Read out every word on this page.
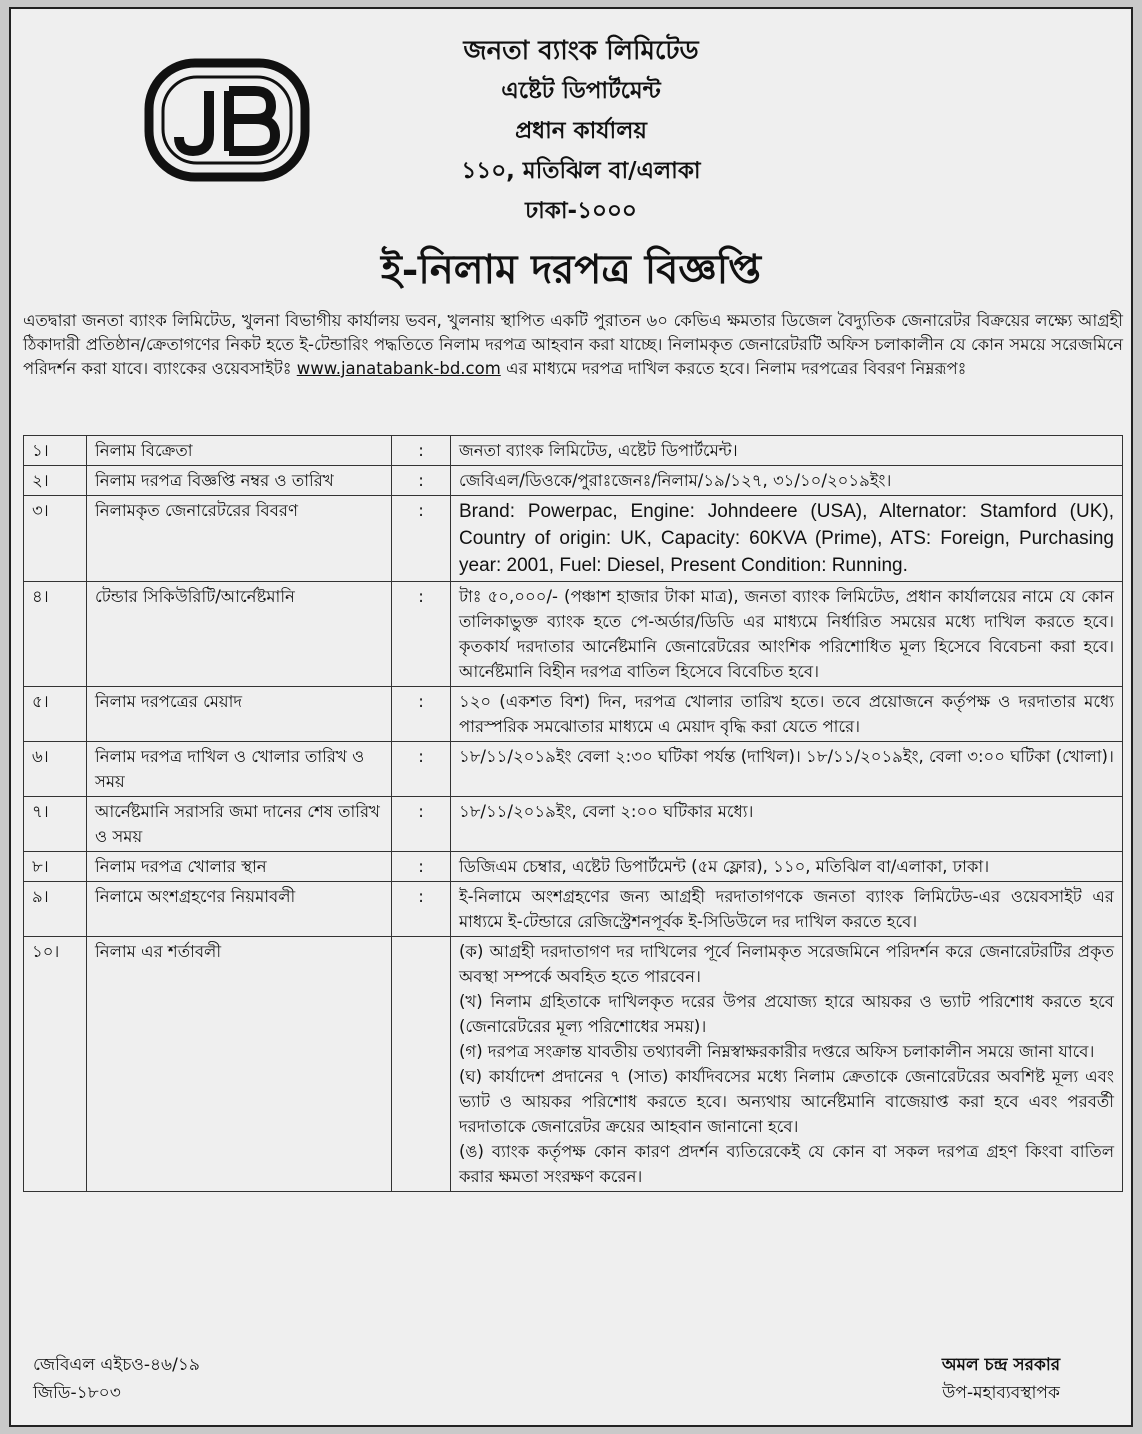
জনতা ব্যাংক লিমিটেড
এষ্টেট ডিপার্টমেন্ট
প্রধান কার্যালয়
১১০, মতিঝিল বা/এলাকা
ঢাকা-১০০০
ই-নিলাম দরপত্র বিজ্ঞপ্তি
এতদ্বারা জনতা ব্যাংক লিমিটেড, খুলনা বিভাগীয় কার্যালয় ভবন, খুলনায় স্থাপিত একটি পুরাতন ৬০ কেভিএ ক্ষমতার ডিজেল বৈদ্যুতিক জেনারেটর বিক্রয়ের লক্ষ্যে আগ্রহী ঠিকাদারী প্রতিষ্ঠান/ক্রেতাগণের নিকট হতে ই-টেন্ডারিং পদ্ধতিতে নিলাম দরপত্র আহবান করা যাচ্ছে। নিলামকৃত জেনারেটরটি অফিস চলাকালীন যে কোন সময়ে সরেজমিনে পরিদর্শন করা যাবে। ব্যাংকের ওয়েবসাইটঃ www.janatabank-bd.com এর মাধ্যমে দরপত্র দাখিল করতে হবে। নিলাম দরপত্রের বিবরণ নিম্নরূপঃ
১।	নিলাম বিক্রেতা	:	জনতা ব্যাংক লিমিটেড, এষ্টেট ডিপার্টমেন্ট।
২।	নিলাম দরপত্র বিজ্ঞপ্তি নম্বর ও তারিখ	:	জেবিএল/ডিওকে/পুরাঃজেনঃ/নিলাম/১৯/১২৭, ৩১/১০/২০১৯ইং।
৩।	নিলামকৃত জেনারেটরের বিবরণ	:	Brand: Powerpac, Engine: Johndeere (USA), Alternator: Stamford (UK), Country of origin: UK, Capacity: 60KVA (Prime), ATS: Foreign, Purchasing year: 2001, Fuel: Diesel, Present Condition: Running.
৪।	টেন্ডার সিকিউরিটি/আর্নেষ্টমানি	:	টাঃ ৫০,০০০/- (পঞ্চাশ হাজার টাকা মাত্র), জনতা ব্যাংক লিমিটেড, প্রধান কার্যালয়ের নামে যে কোন তালিকাভুক্ত ব্যাংক হতে পে-অর্ডার/ডিডি এর মাধ্যমে নির্ধারিত সময়ের মধ্যে দাখিল করতে হবে। কৃতকার্য দরদাতার আর্নেষ্টমানি জেনারেটরের আংশিক পরিশোধিত মূল্য হিসেবে বিবেচনা করা হবে। আর্নেষ্টমানি বিহীন দরপত্র বাতিল হিসেবে বিবেচিত হবে।
৫।	নিলাম দরপত্রের মেয়াদ	:	১২০ (একশত বিশ) দিন, দরপত্র খোলার তারিখ হতে। তবে প্রয়োজনে কর্তৃপক্ষ ও দরদাতার মধ্যে পারস্পরিক সমঝোতার মাধ্যমে এ মেয়াদ বৃদ্ধি করা যেতে পারে।
৬।	নিলাম দরপত্র দাখিল ও খোলার তারিখ ও সময়	:	১৮/১১/২০১৯ইং বেলা ২:৩০ ঘটিকা পর্যন্ত (দাখিল)। ১৮/১১/২০১৯ইং, বেলা ৩:০০ ঘটিকা (খোলা)।
৭।	আর্নেষ্টমানি সরাসরি জমা দানের শেষ তারিখ ও সময়	:	১৮/১১/২০১৯ইং, বেলা ২:০০ ঘটিকার মধ্যে।
৮।	নিলাম দরপত্র খোলার স্থান	:	ডিজিএম চেম্বার, এষ্টেট ডিপার্টমেন্ট (৫ম ফ্লোর), ১১০, মতিঝিল বা/এলাকা, ঢাকা।
৯।	নিলামে অংশগ্রহণের নিয়মাবলী	:	ই-নিলামে অংশগ্রহণের জন্য আগ্রহী দরদাতাগণকে জনতা ব্যাংক লিমিটেড-এর ওয়েবসাইট এর মাধ্যমে ই-টেন্ডারে রেজিস্ট্রেশনপূর্বক ই-সিডিউলে দর দাখিল করতে হবে।
১০।	নিলাম এর শর্তাবলী		(ক) আগ্রহী দরদাতাগণ দর দাখিলের পূর্বে নিলামকৃত সরেজমিনে পরিদর্শন করে জেনারেটরটির প্রকৃত অবস্থা সম্পর্কে অবহিত হতে পারবেন।

(খ) নিলাম গ্রহিতাকে দাখিলকৃত দরের উপর প্রযোজ্য হারে আয়কর ও ভ্যাট পরিশোধ করতে হবে (জেনারেটরের মূল্য পরিশোধের সময়)।

(গ) দরপত্র সংক্রান্ত যাবতীয় তথ্যাবলী নিম্নস্বাক্ষরকারীর দপ্তরে অফিস চলাকালীন সময়ে জানা যাবে।

(ঘ) কার্যাদেশ প্রদানের ৭ (সাত) কার্যদিবসের মধ্যে নিলাম ক্রেতাকে জেনারেটরের অবশিষ্ট মূল্য এবং ভ্যাট ও আয়কর পরিশোধ করতে হবে। অন্যথায় আর্নেষ্টমানি বাজেয়াপ্ত করা হবে এবং পরবর্তী দরদাতাকে জেনারেটর ক্রয়ের আহবান জানানো হবে।

(ঙ) ব্যাংক কর্তৃপক্ষ কোন কারণ প্রদর্শন ব্যতিরেকেই যে কোন বা সকল দরপত্র গ্রহণ কিংবা বাতিল করার ক্ষমতা সংরক্ষণ করেন।

জেবিএল এইচও-৪৬/১৯
জিডি-১৮০৩
অমল চন্দ্র সরকার
উপ-মহাব্যবস্থাপক
